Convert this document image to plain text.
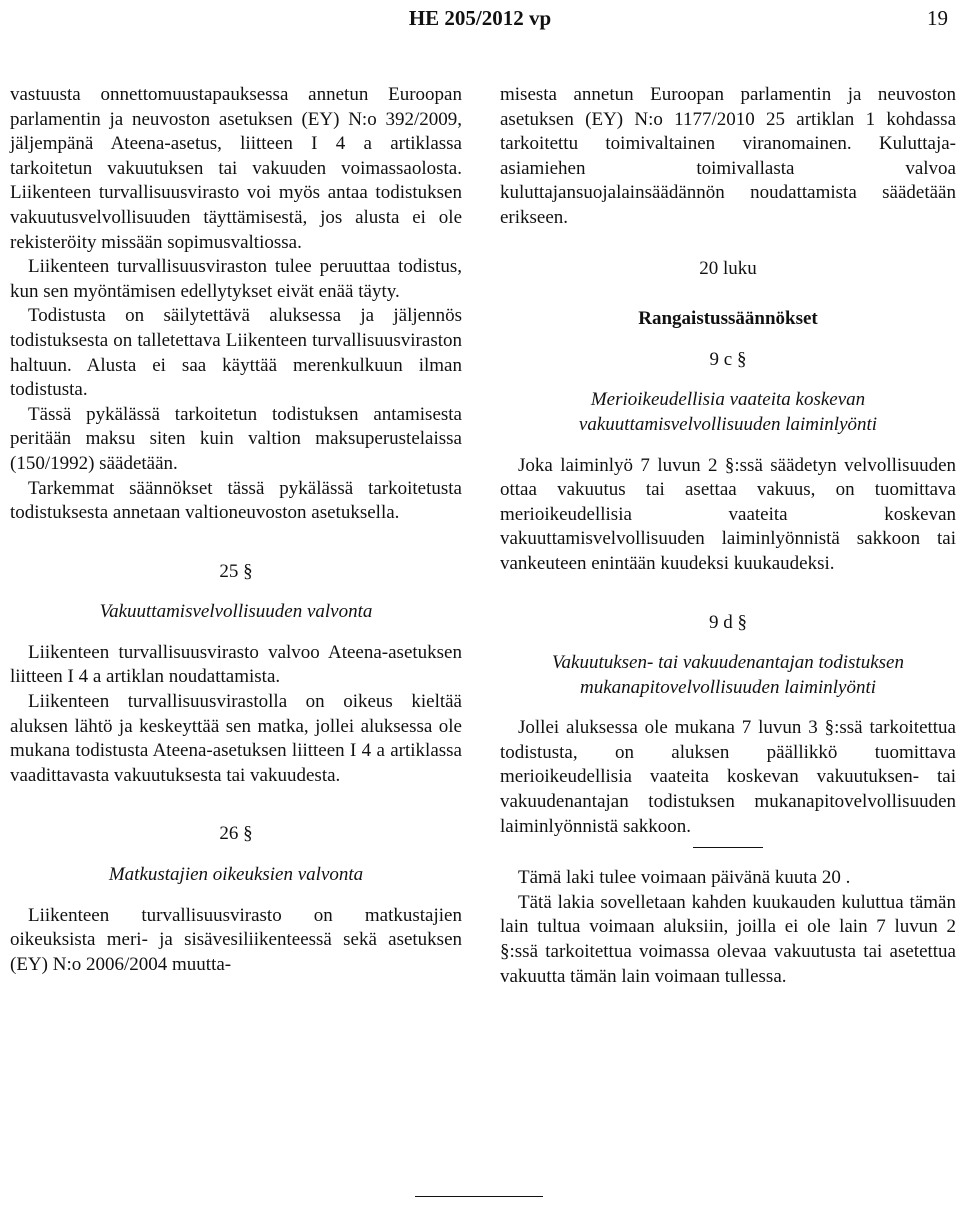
HE 205/2012 vp	19

vastuusta onnettomuustapauksessa annetun Euroopan parlamentin ja neuvoston asetuksen (EY) N:o 392/2009, jäljempänä Ateena-asetus, liitteen I 4 a artiklassa tarkoitetun vakuutuksen tai vakuuden voimassaolosta. Liikenteen turvallisuusvirasto voi myös antaa todistuksen vakuutusvelvollisuuden täyttämisestä, jos alusta ei ole rekisteröity missään sopimusvaltiossa.

Liikenteen turvallisuusviraston tulee peruuttaa todistus, kun sen myöntämisen edellytykset eivät enää täyty.

Todistusta on säilytettävä aluksessa ja jäljennös todistuksesta on talletettava Liikenteen turvallisuusviraston haltuun. Alusta ei saa käyttää merenkulkuun ilman todistusta.

Tässä pykälässä tarkoitetun todistuksen antamisesta peritään maksu siten kuin valtion maksuperustelaissa (150/1992) säädetään.

Tarkemmat säännökset tässä pykälässä tarkoitetusta todistuksesta annetaan valtioneuvoston asetuksella.

25 §

Vakuuttamisvelvollisuuden valvonta

Liikenteen turvallisuusvirasto valvoo Ateena-asetuksen liitteen I 4 a artiklan noudattamista.

Liikenteen turvallisuusvirastolla on oikeus kieltää aluksen lähtö ja keskeyttää sen matka, jollei aluksessa ole mukana todistusta Ateena-asetuksen liitteen I 4 a artiklassa vaadittavasta vakuutuksesta tai vakuudesta.

26 §

Matkustajien oikeuksien valvonta

Liikenteen turvallisuusvirasto on matkustajien oikeuksista meri- ja sisävesiliikenteessä sekä asetuksen (EY) N:o 2006/2004 muutta-

misesta annetun Euroopan parlamentin ja neuvoston asetuksen (EY) N:o 1177/2010 25 artiklan 1 kohdassa tarkoitettu toimivaltainen viranomainen. Kuluttaja-asiamiehen toimivallasta valvoa kuluttajansuojalainsäädännön noudattamista säädetään erikseen.

20 luku

Rangaistussäännökset

9 c §

Merioikeudellisia vaateita koskevan vakuuttamisvelvollisuuden laiminlyönti

Joka laiminlyö 7 luvun 2 §:ssä säädetyn velvollisuuden ottaa vakuutus tai asettaa vakuus, on tuomittava merioikeudellisia vaateita koskevan vakuuttamisvelvollisuuden laiminlyönnistä sakkoon tai vankeuteen enintään kuudeksi kuukaudeksi.

9 d §

Vakuutuksen- tai vakuudenantajan todistuksen mukanapitovelvollisuuden laiminlyönti

Jollei aluksessa ole mukana 7 luvun 3 §:ssä tarkoitettua todistusta, on aluksen päällikkö tuomittava merioikeudellisia vaateita koskevan vakuutuksen- tai vakuudenantajan todistuksen mukanapitovelvollisuuden laiminlyönnistä sakkoon.

Tämä laki tulee voimaan päivänä kuuta 20 .

Tätä lakia sovelletaan kahden kuukauden kuluttua tämän lain tultua voimaan aluksiin, joilla ei ole lain 7 luvun 2 §:ssä tarkoitettua voimassa olevaa vakuutusta tai asetettua vakuutta tämän lain voimaan tullessa.
